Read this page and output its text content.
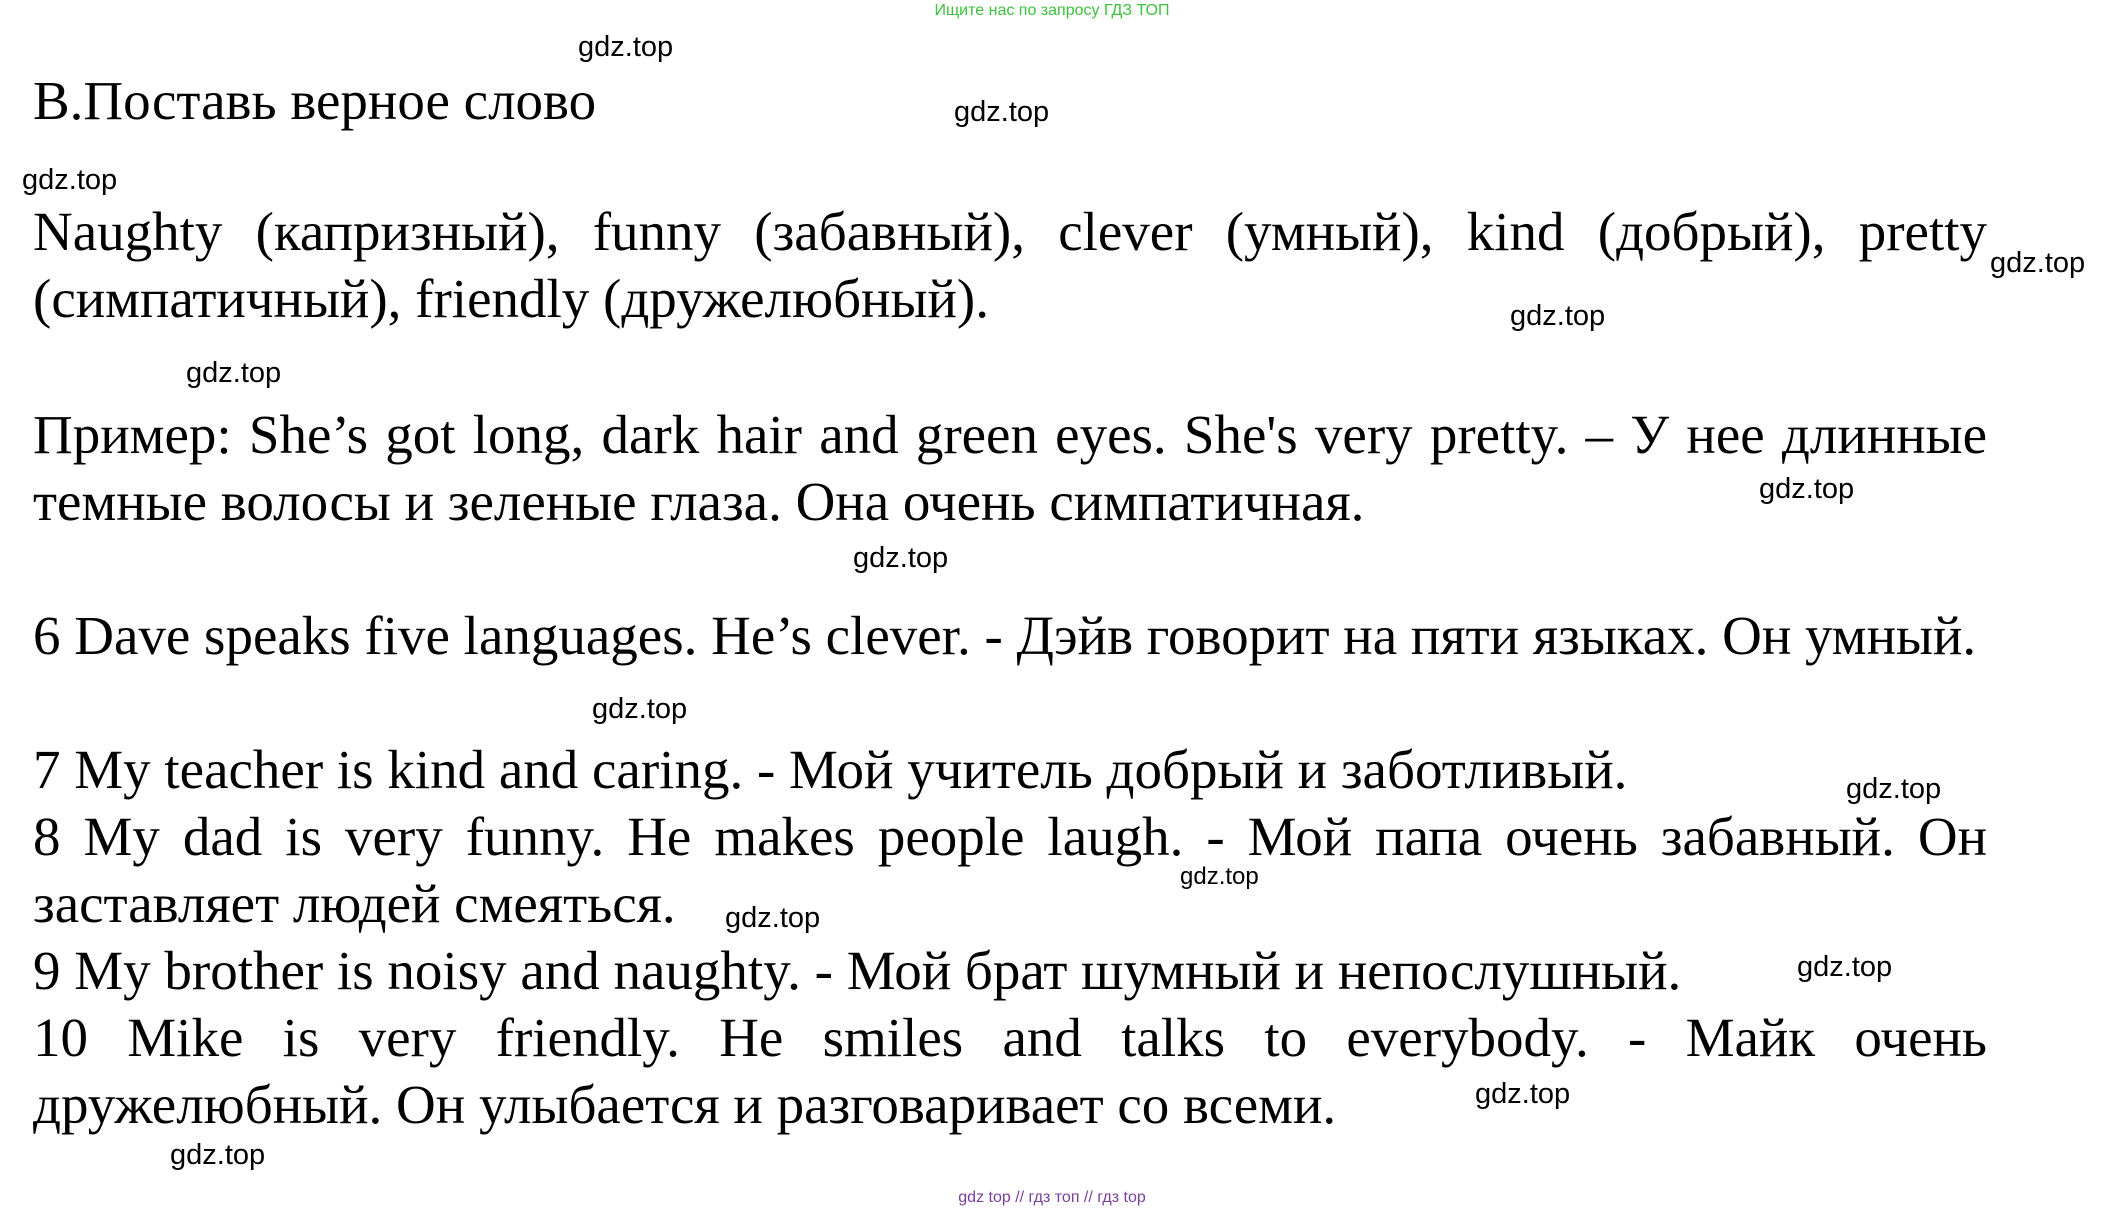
Ищите нас по запросу ГДЗ ТОП
B.Поставь верное слово
Naughty (капризный), funny (забавный), clever (умный), kind (добрый), pretty (симпатичный), friendly (дружелюбный).
Пример: She’s got long, dark hair and green eyes. She's very pretty. – У нее длинные темные волосы и зеленые глаза. Она очень симпатичная.
6 Dave speaks five languages. He’s clever. - Дэйв говорит на пяти языках. Он умный.
7 My teacher is kind and caring. - Мой учитель добрый и заботливый.
8 My dad is very funny. He makes people laugh. - Мой папа очень забавный. Он заставляет людей смеяться.
9 My brother is noisy and naughty. - Мой брат шумный и непослушный.
10 Mike is very friendly. He smiles and talks to everybody. - Майк очень дружелюбный. Он улыбается и разговаривает со всеми.
gdz.top
gdz.top
gdz.top
gdz.top
gdz.top
gdz.top
gdz.top
gdz.top
gdz.top
gdz.top
gdz.top
gdz.top
gdz.top
gdz.top
gdz.top
gdz top // гдз топ // гдз top
